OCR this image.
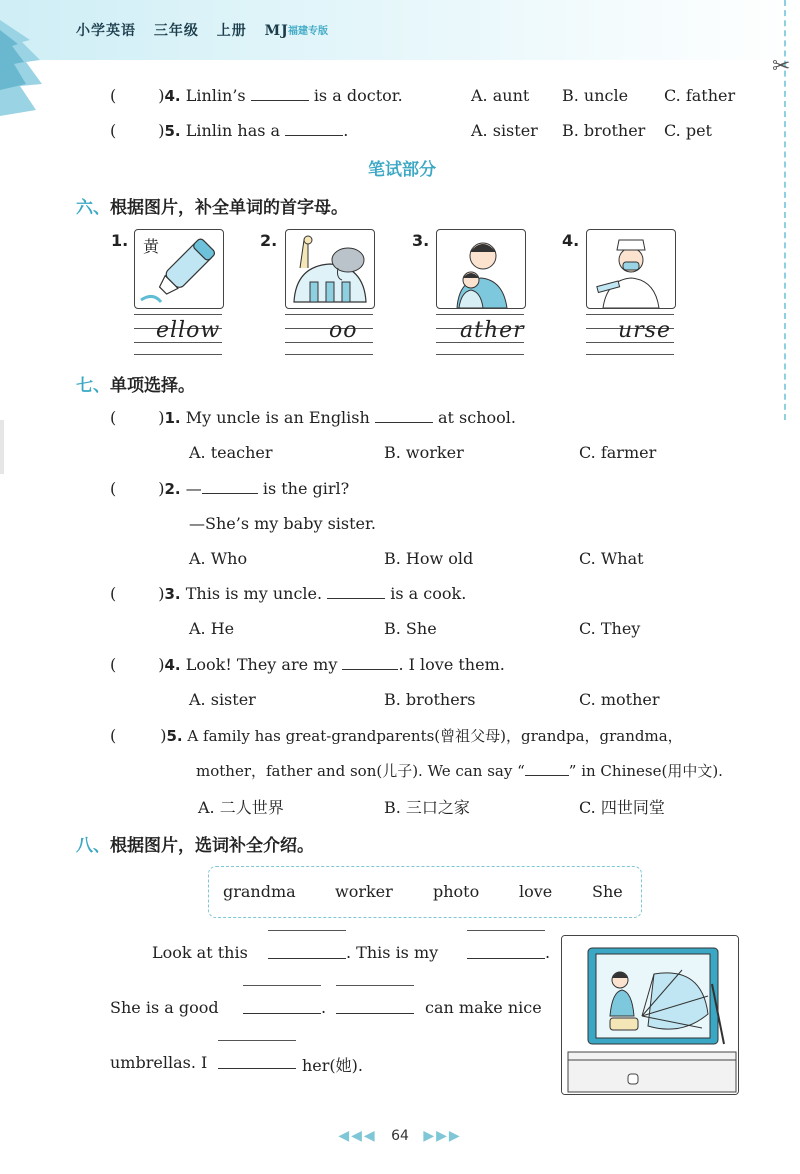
小学英语 三年级 上册 MJ 福建专版
✂
(	)4. Linlin’s	is a doctor.	A. aunt B. uncle C. father
(	)5. Linlin has a	.	A. sister B. brother C. pet
笔试部分
六、根据图片，补全单词的首字母。
1. 黄
ellow
2.
oo
3.
ather
4.
urse
七、单项选择。
(	)1. My uncle is an English	at school.
A. teacher	B. worker	C. farmer
(	)2. —	is the girl?
—She’s my baby sister.
A. Who	B. How old	C. What
(	)3. This is my uncle.	is a cook.
A. He	B. She	C. They
(	)4. Look! They are my	. I love them.
A. sister	B. brothers	C. mother
(	)5. A family has great-grandparents(曾祖父母)，grandpa，grandma，
mother，father and son(儿子). We can say “	” in Chinese(用中文).
A. 二人世界	B. 三口之家	C. 四世同堂
八、根据图片，选词补全介绍。
grandma worker	photo love She
Look at this	. This is my	.
She is a good	.	can make nice
umbrellas. I	her(她).
◀◀◀ 64 ▶▶▶
